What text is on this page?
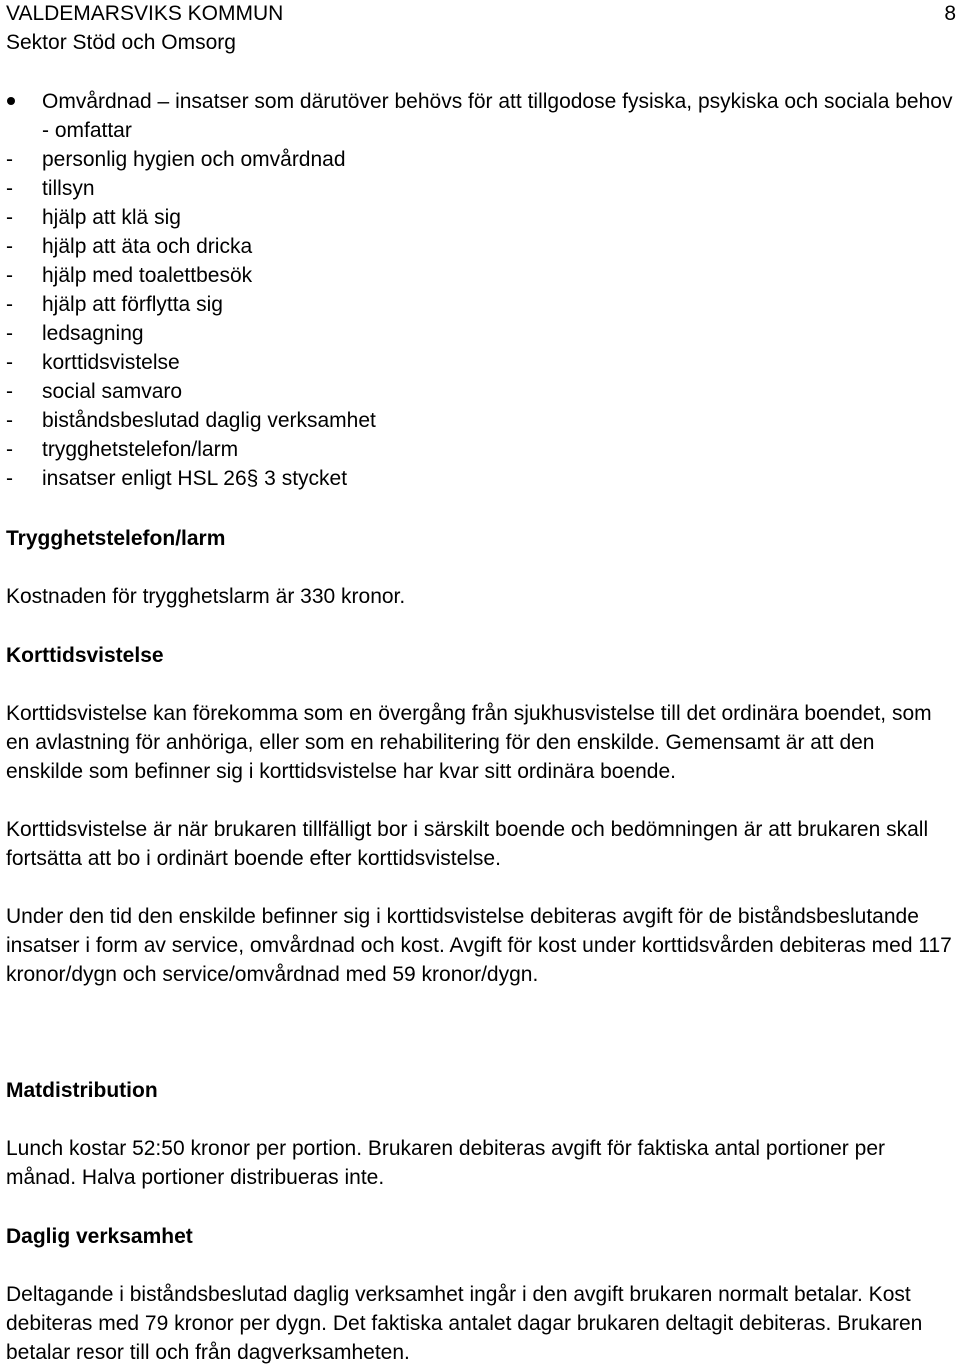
VALDEMARSVIKS KOMMUN
Sektor Stöd och Omsorg
8
Omvårdnad – insatser som därutöver behövs för att tillgodose fysiska, psykiska och sociala behov - omfattar
- personlig hygien och omvårdnad
- tillsyn
- hjälp att klä sig
- hjälp att äta och dricka
- hjälp med toalettbesök
- hjälp att förflytta sig
- ledsagning
- korttidsvistelse
- social samvaro
- biståndsbeslutad daglig verksamhet
- trygghetstelefon/larm
- insatser enligt HSL 26§ 3 stycket
Trygghetstelefon/larm

Kostnaden för trygghetslarm är 330 kronor.

Korttidsvistelse

Korttidsvistelse kan förekomma som en övergång från sjukhusvistelse till det ordinära boendet, som en avlastning för anhöriga, eller som en rehabilitering för den enskilde. Gemensamt är att den enskilde som befinner sig i korttidsvistelse har kvar sitt ordinära boende.

Korttidsvistelse är när brukaren tillfälligt bor i särskilt boende och bedömningen är att brukaren skall fortsätta att bo i ordinärt boende efter korttidsvistelse.

Under den tid den enskilde befinner sig i korttidsvistelse debiteras avgift för de biståndsbeslutande insatser i form av service, omvårdnad och kost. Avgift för kost under korttidsvården debiteras med 117 kronor/dygn och service/omvårdnad med 59 kronor/dygn.

Matdistribution

Lunch kostar 52:50 kronor per portion. Brukaren debiteras avgift för faktiska antal portioner per månad. Halva portioner distribueras inte.

Daglig verksamhet

Deltagande i biståndsbeslutad daglig verksamhet ingår i den avgift brukaren normalt betalar. Kost debiteras med 79 kronor per dygn. Det faktiska antalet dagar brukaren deltagit debiteras. Brukaren betalar resor till och från dagverksamheten.
